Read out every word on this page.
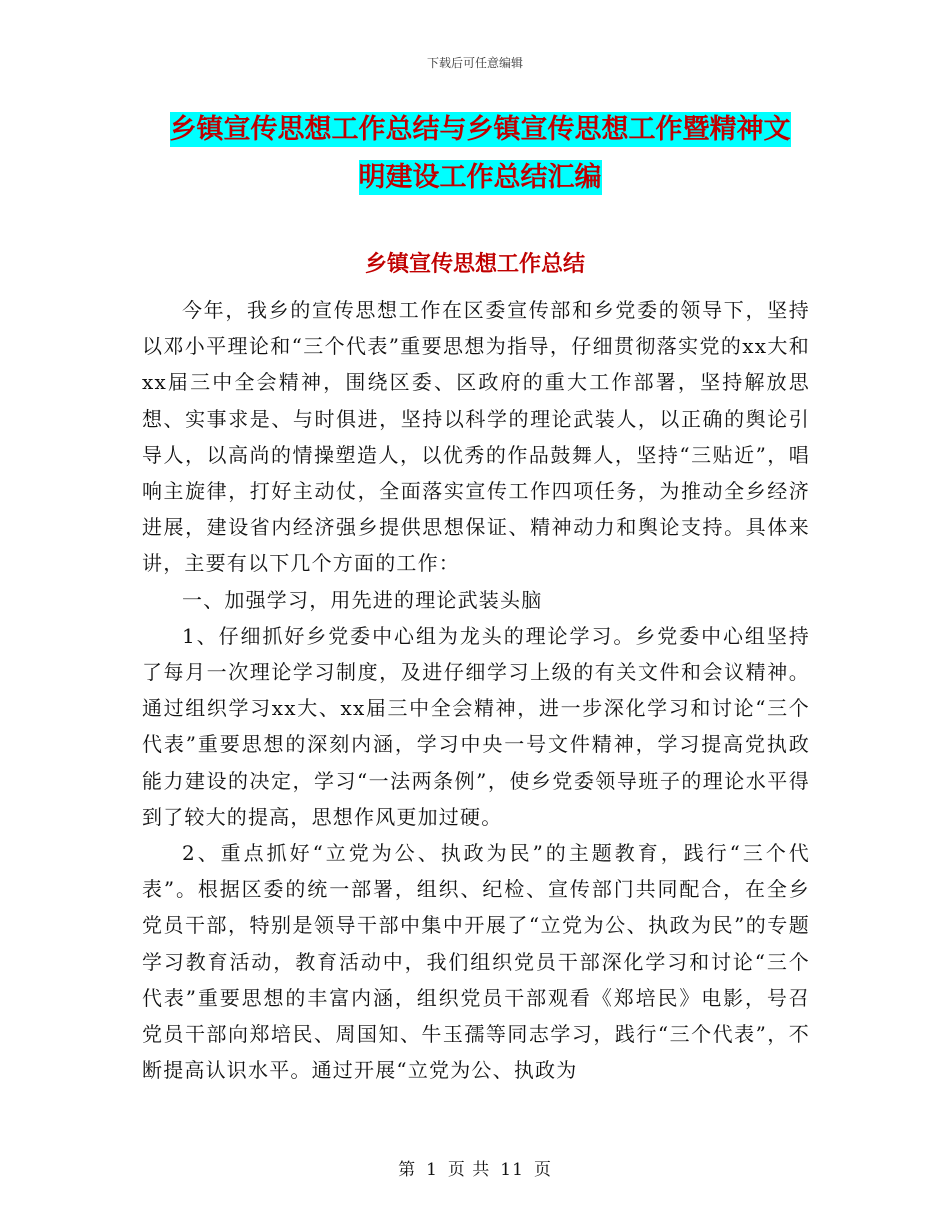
下载后可任意编辑
乡镇宣传思想工作总结与乡镇宣传思想工作暨精神文
明建设工作总结汇编
乡镇宣传思想工作总结

今年，我乡的宣传思想工作在区委宣传部和乡党委的领导下，坚持以邓小平理论和“三个代表”重要思想为指导，仔细贯彻落实党的xx大和xx届三中全会精神，围绕区委、区政府的重大工作部署，坚持解放思想、实事求是、与时俱进，坚持以科学的理论武装人，以正确的舆论引导人，以高尚的情操塑造人，以优秀的作品鼓舞人，坚持“三贴近”，唱响主旋律，打好主动仗，全面落实宣传工作四项任务，为推动全乡经济进展，建设省内经济强乡提供思想保证、精神动力和舆论支持。具体来讲，主要有以下几个方面的工作：

一、加强学习，用先进的理论武装头脑

1、仔细抓好乡党委中心组为龙头的理论学习。乡党委中心组坚持了每月一次理论学习制度，及进仔细学习上级的有关文件和会议精神。通过组织学习xx大、xx届三中全会精神，进一步深化学习和讨论“三个代表”重要思想的深刻内涵，学习中央一号文件精神，学习提高党执政能力建设的决定，学习“一法两条例”，使乡党委领导班子的理论水平得到了较大的提高，思想作风更加过硬。

2、重点抓好“立党为公、执政为民”的主题教育，践行“三个代表”。根据区委的统一部署，组织、纪检、宣传部门共同配合，在全乡党员干部，特别是领导干部中集中开展了“立党为公、执政为民”的专题学习教育活动，教育活动中，我们组织党员干部深化学习和讨论“三个代表”重要思想的丰富内涵，组织党员干部观看《郑培民》电影，号召党员干部向郑培民、周国知、牛玉孺等同志学习，践行“三个代表”，不断提高认识水平。通过开展“立党为公、执政为

第 1 页 共 11 页
